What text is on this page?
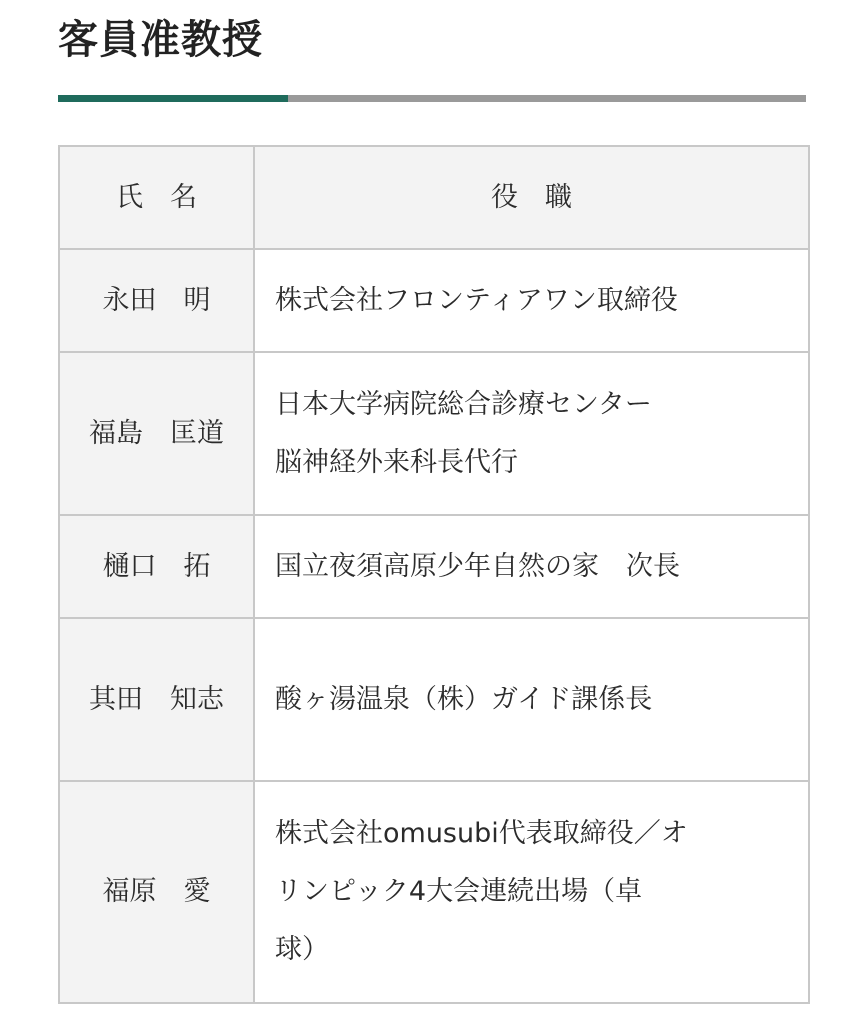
客員准教授
氏　名	役　職
永田　明	株式会社フロンティアワン取締役
福島　匡道	日本大学病院総合診療センター
脳神経外来科長代行
樋口　拓	国立夜須高原少年自然の家　次長
其田　知志	酸ヶ湯温泉（株）ガイド課係長
福原　愛	株式会社omusubi代表取締役／オ
リンピック4大会連続出場（卓
球）
